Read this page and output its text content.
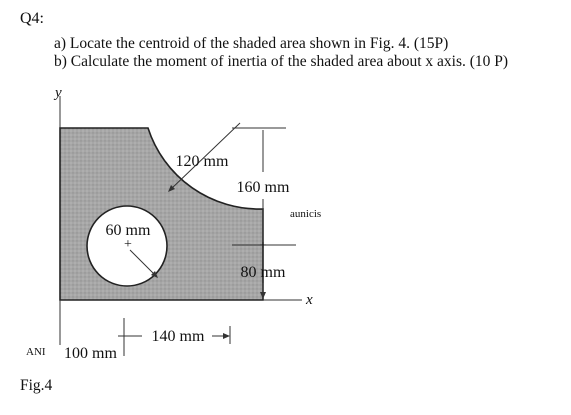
Q4:
a) Locate the centroid of the shaded area shown in Fig. 4. (15P)
b) Calculate the moment of inertia of the shaded area about x axis. (10 P)
aunicis
ANI
y
+
60 mm
120 mm
160 mm
+
80 mm
x
140 mm
100 mm
Fig.4
